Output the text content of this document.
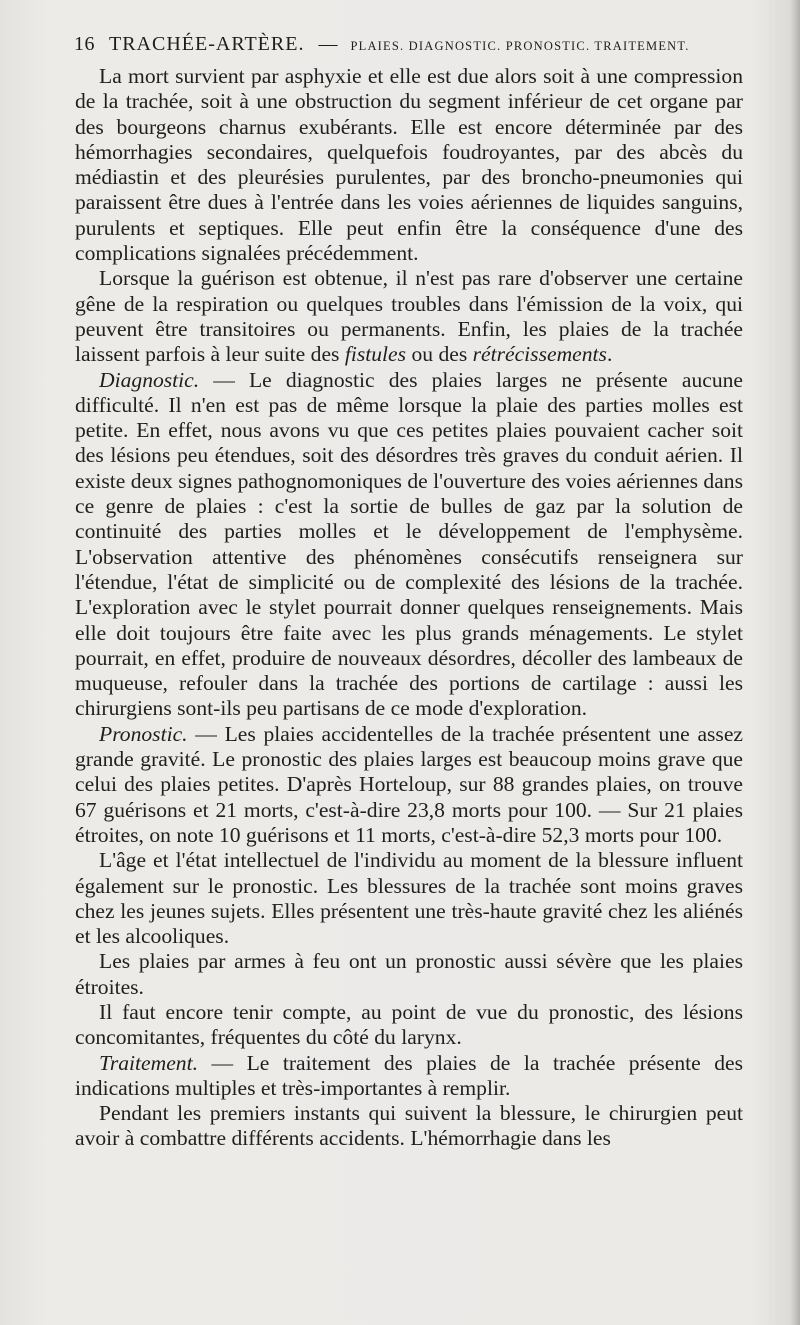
16 TRACHÉE-ARTÈRE. — PLAIES. DIAGNOSTIC. PRONOSTIC. TRAITEMENT.

La mort survient par asphyxie et elle est due alors soit à une compression de la trachée, soit à une obstruction du segment inférieur de cet organe par des bourgeons charnus exubérants. Elle est encore déterminée par des hémorrhagies secondaires, quelquefois foudroyantes, par des abcès du médiastin et des pleurésies purulentes, par des broncho-pneumonies qui paraissent être dues à l'entrée dans les voies aériennes de liquides sanguins, purulents et septiques. Elle peut enfin être la conséquence d'une des complications signalées précédemment.

Lorsque la guérison est obtenue, il n'est pas rare d'observer une certaine gêne de la respiration ou quelques troubles dans l'émission de la voix, qui peuvent être transitoires ou permanents. Enfin, les plaies de la trachée laissent parfois à leur suite des fistules ou des rétrécissements.

Diagnostic. — Le diagnostic des plaies larges ne présente aucune difficulté. Il n'en est pas de même lorsque la plaie des parties molles est petite. En effet, nous avons vu que ces petites plaies pouvaient cacher soit des lésions peu étendues, soit des désordres très graves du conduit aérien. Il existe deux signes pathognomoniques de l'ouverture des voies aériennes dans ce genre de plaies : c'est la sortie de bulles de gaz par la solution de continuité des parties molles et le développement de l'emphysème. L'observation attentive des phénomènes consécutifs renseignera sur l'étendue, l'état de simplicité ou de complexité des lésions de la trachée. L'exploration avec le stylet pourrait donner quelques renseignements. Mais elle doit toujours être faite avec les plus grands ménagements. Le stylet pourrait, en effet, produire de nouveaux désordres, décoller des lambeaux de muqueuse, refouler dans la trachée des portions de cartilage : aussi les chirurgiens sont-ils peu partisans de ce mode d'exploration.

Pronostic. — Les plaies accidentelles de la trachée présentent une assez grande gravité. Le pronostic des plaies larges est beaucoup moins grave que celui des plaies petites. D'après Horteloup, sur 88 grandes plaies, on trouve 67 guérisons et 21 morts, c'est-à-dire 23,8 morts pour 100. — Sur 21 plaies étroites, on note 10 guérisons et 11 morts, c'est-à-dire 52,3 morts pour 100.

L'âge et l'état intellectuel de l'individu au moment de la blessure influent également sur le pronostic. Les blessures de la trachée sont moins graves chez les jeunes sujets. Elles présentent une très-haute gravité chez les aliénés et les alcooliques.

Les plaies par armes à feu ont un pronostic aussi sévère que les plaies étroites.

Il faut encore tenir compte, au point de vue du pronostic, des lésions concomitantes, fréquentes du côté du larynx.

Traitement. — Le traitement des plaies de la trachée présente des indications multiples et très-importantes à remplir.

Pendant les premiers instants qui suivent la blessure, le chirurgien peut avoir à combattre différents accidents. L'hémorrhagie dans les
